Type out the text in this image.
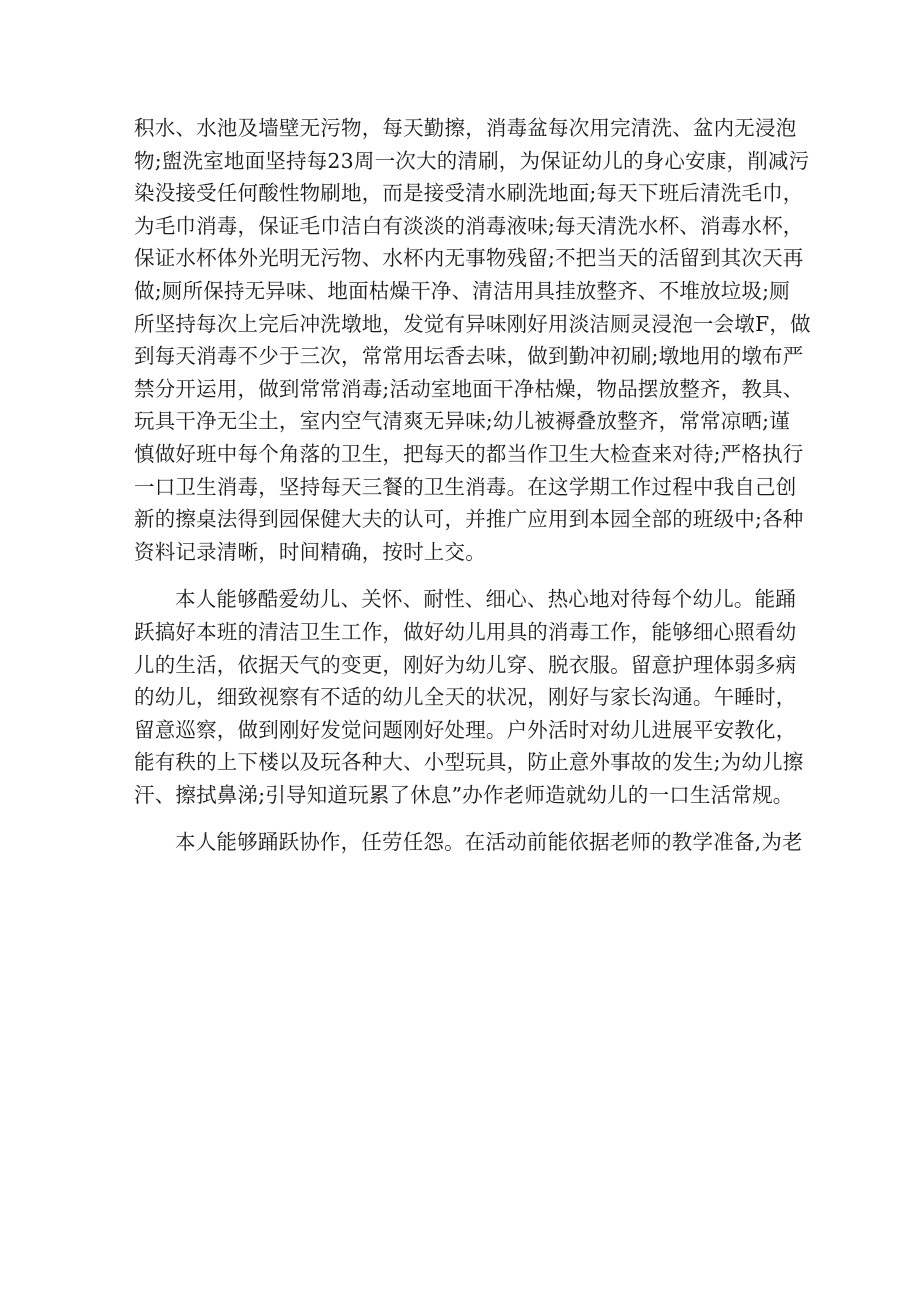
积水、水池及墙壁无污物，每天勤擦，消毒盆每次用完清洗、盆内无浸泡
物;盥洗室地面坚持每23周一次大的清刷，为保证幼儿的身心安康，削减污
染没接受任何酸性物刷地，而是接受清水刷洗地面;每天下班后清洗毛巾，
为毛巾消毒，保证毛巾洁白有淡淡的消毒液味;每天清洗水杯、消毒水杯，
保证水杯体外光明无污物、水杯内无事物残留;不把当天的活留到其次天再
做;厕所保持无异味、地面枯燥干净、清洁用具挂放整齐、不堆放垃圾;厕
所坚持每次上完后冲洗墩地，发觉有异味刚好用淡洁厕灵浸泡一会墩F，做
到每天消毒不少于三次，常常用坛香去味，做到勤冲初刷;墩地用的墩布严
禁分开运用，做到常常消毒;活动室地面干净枯燥，物品摆放整齐，教具、
玩具干净无尘土，室内空气清爽无异味;幼儿被褥叠放整齐，常常凉晒;谨
慎做好班中每个角落的卫生，把每天的都当作卫生大检查来对待;严格执行
一口卫生消毒，坚持每天三餐的卫生消毒。在这学期工作过程中我自己创
新的擦桌法得到园保健大夫的认可，并推广应用到本园全部的班级中;各种
资料记录清晰，时间精确，按时上交。

本人能够酷爱幼儿、关怀、耐性、细心、热心地对待每个幼儿。能踊
跃搞好本班的清洁卫生工作，做好幼儿用具的消毒工作，能够细心照看幼
儿的生活，依据天气的变更，刚好为幼儿穿、脱衣服。留意护理体弱多病
的幼儿，细致视察有不适的幼儿全天的状况，刚好与家长沟通。午睡时，
留意巡察，做到刚好发觉问题刚好处理。户外活时对幼儿进展平安教化，
能有秩的上下楼以及玩各种大、小型玩具，防止意外事故的发生;为幼儿擦
汗、擦拭鼻涕;引导知道玩累了休息”办作老师造就幼儿的一口生活常规。

本人能够踊跃协作，任劳任怨。在活动前能依据老师的教学准备,为老
